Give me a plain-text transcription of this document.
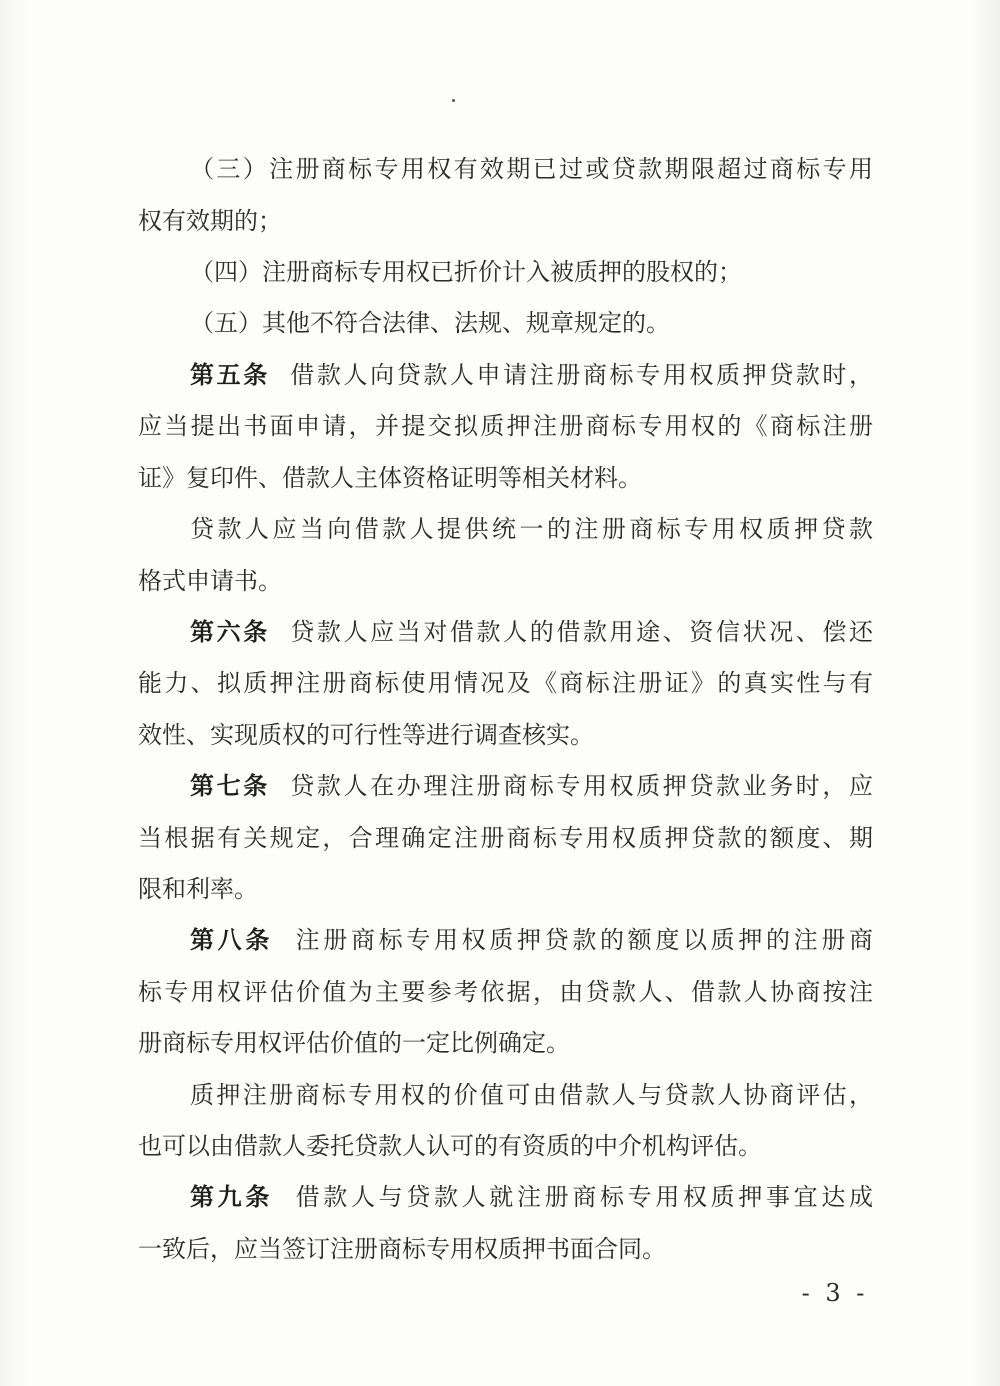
（三）注册商标专用权有效期已过或贷款期限超过商标专用
权有效期的；
（四）注册商标专用权已折价计入被质押的股权的；
（五）其他不符合法律、法规、规章规定的。
第五条 借款人向贷款人申请注册商标专用权质押贷款时，
应当提出书面申请，并提交拟质押注册商标专用权的《商标注册
证》复印件、借款人主体资格证明等相关材料。
贷款人应当向借款人提供统一的注册商标专用权质押贷款
格式申请书。
第六条 贷款人应当对借款人的借款用途、资信状况、偿还
能力、拟质押注册商标使用情况及《商标注册证》的真实性与有
效性、实现质权的可行性等进行调查核实。
第七条 贷款人在办理注册商标专用权质押贷款业务时，应
当根据有关规定，合理确定注册商标专用权质押贷款的额度、期
限和利率。
第八条 注册商标专用权质押贷款的额度以质押的注册商
标专用权评估价值为主要参考依据，由贷款人、借款人协商按注
册商标专用权评估价值的一定比例确定。
质押注册商标专用权的价值可由借款人与贷款人协商评估，
也可以由借款人委托贷款人认可的有资质的中介机构评估。
第九条 借款人与贷款人就注册商标专用权质押事宜达成
一致后，应当签订注册商标专用权质押书面合同。
- 3 -
